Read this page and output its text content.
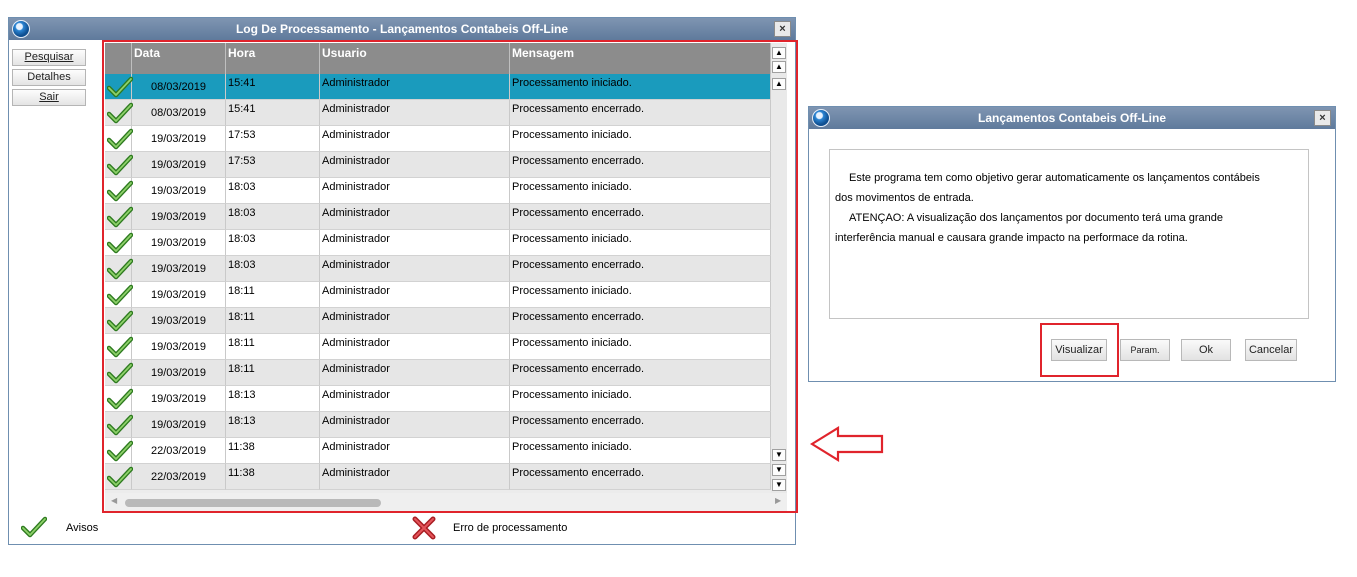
Log De Processamento - Lançamentos Contabeis Off-Line	×
Pesquisar
Detalhes
Sair
Data	Hora	Usuario	Mensagem
08/03/2019	15:41	Administrador	Processamento iniciado.
08/03/2019	15:41	Administrador	Processamento encerrado.
19/03/2019	17:53	Administrador	Processamento iniciado.
19/03/2019	17:53	Administrador	Processamento encerrado.
19/03/2019	18:03	Administrador	Processamento iniciado.
19/03/2019	18:03	Administrador	Processamento encerrado.
19/03/2019	18:03	Administrador	Processamento iniciado.
19/03/2019	18:03	Administrador	Processamento encerrado.
19/03/2019	18:11	Administrador	Processamento iniciado.
19/03/2019	18:11	Administrador	Processamento encerrado.
19/03/2019	18:11	Administrador	Processamento iniciado.
19/03/2019	18:11	Administrador	Processamento encerrado.
19/03/2019	18:13	Administrador	Processamento iniciado.
19/03/2019	18:13	Administrador	Processamento encerrado.
22/03/2019	11:38	Administrador	Processamento iniciado.
22/03/2019	11:38	Administrador	Processamento encerrado.
▲
▲
▲
▼
▼
▼
◀	▶
Avisos	Erro de processamento
Lançamentos Contabeis Off-Line	×
Este programa tem como objetivo gerar automaticamente os lançamentos contábeis
dos movimentos de entrada.
ATENÇAO: A visualização dos lançamentos por documento terá uma grande
interferência manual e causara grande impacto na performace da rotina.
Visualizar	Param.	Ok	Cancelar
